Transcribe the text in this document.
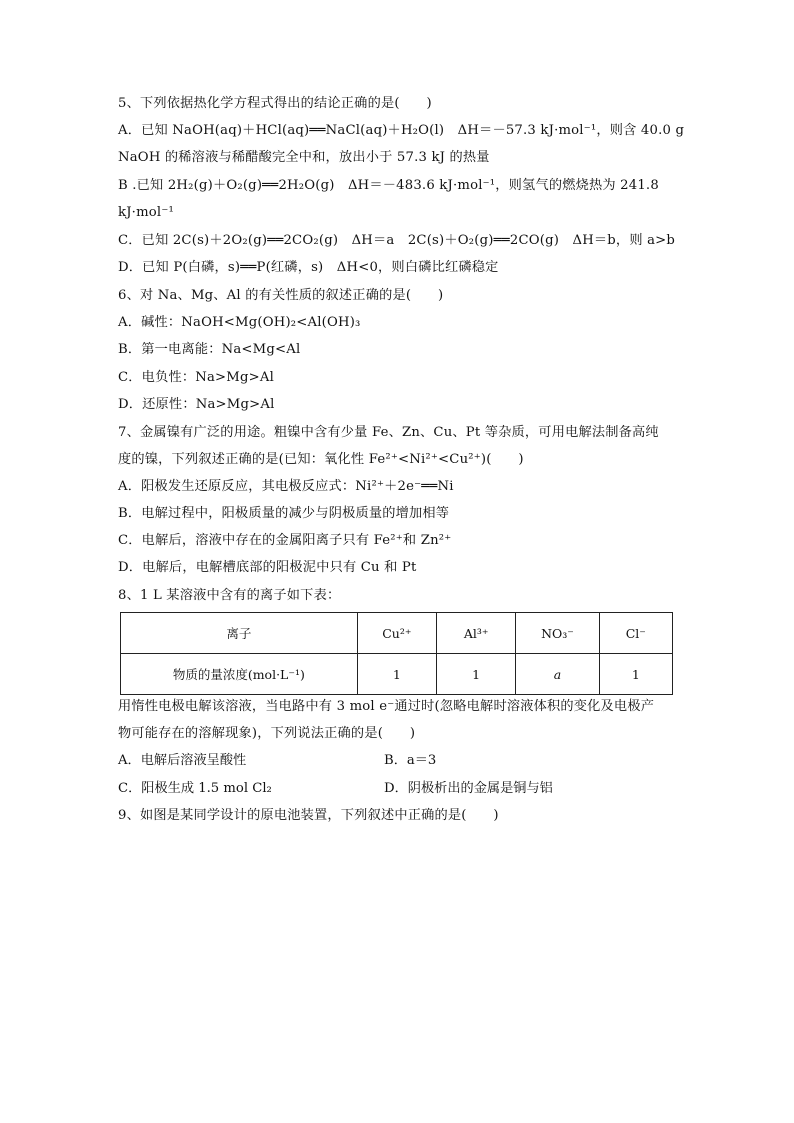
5、下列依据热化学方程式得出的结论正确的是(　　)
A．已知 NaOH(aq)＋HCl(aq)══NaCl(aq)＋H₂O(l)　ΔH＝－57.3 kJ·mol⁻¹，则含 40.0 g
NaOH 的稀溶液与稀醋酸完全中和，放出小于 57.3 kJ 的热量
B .已知 2H₂(g)＋O₂(g)══2H₂O(g)　ΔH＝－483.6 kJ·mol⁻¹，则氢气的燃烧热为 241.8
kJ·mol⁻¹
C．已知 2C(s)＋2O₂(g)══2CO₂(g)　ΔH＝a　2C(s)＋O₂(g)══2CO(g)　ΔH＝b，则 a>b
D．已知 P(白磷，s)══P(红磷，s)　ΔH<0，则白磷比红磷稳定
6、对 Na、Mg、Al 的有关性质的叙述正确的是(　　)
A．碱性：NaOH<Mg(OH)₂<Al(OH)₃
B．第一电离能：Na<Mg<Al
C．电负性：Na>Mg>Al
D．还原性：Na>Mg>Al
7、金属镍有广泛的用途。粗镍中含有少量 Fe、Zn、Cu、Pt 等杂质，可用电解法制备高纯
度的镍，下列叙述正确的是(已知：氧化性 Fe²⁺<Ni²⁺<Cu²⁺)(　　)
A．阳极发生还原反应，其电极反应式：Ni²⁺＋2e⁻══Ni
B．电解过程中，阳极质量的减少与阴极质量的增加相等
C．电解后，溶液中存在的金属阳离子只有 Fe²⁺和 Zn²⁺
D．电解后，电解槽底部的阳极泥中只有 Cu 和 Pt
8、1 L 某溶液中含有的离子如下表：
离子	Cu²⁺	Al³⁺	NO₃⁻	Cl⁻
物质的量浓度(mol·L⁻¹)	1	1	a	1
用惰性电极电解该溶液，当电路中有 3 mol e⁻通过时(忽略电解时溶液体积的变化及电极产
物可能存在的溶解现象)，下列说法正确的是(　　)
A．电解后溶液呈酸性	B．a＝3
C．阳极生成 1.5 mol Cl₂	D．阴极析出的金属是铜与铝
9、如图是某同学设计的原电池装置，下列叙述中正确的是(　　)
